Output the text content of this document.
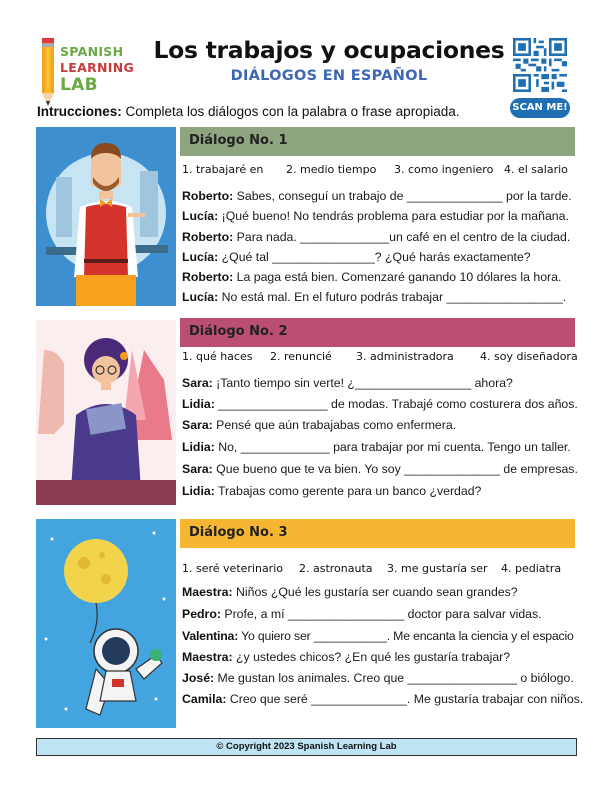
SPANISH
LEARNING
LAB
Los trabajos y ocupaciones
DIÁLOGOS EN ESPAÑOL
SCAN ME!
Intrucciones: Completa los diálogos con la palabra o frase apropiada.
Diálogo No. 1
1. trabajaré en 2. medio tiempo 3. como ingeniero 4. el salario
Roberto: Sabes, conseguí un trabajo de ______________ por la tarde.
Lucía: ¡Qué bueno! No tendrás problema para estudiar por la mañana.
Roberto: Para nada. _____________un café en el centro de la ciudad.
Lucía: ¿Qué tal _______________? ¿Qué harás exactamente?
Roberto: La paga está bien. Comenzaré ganando 10 dólares la hora.
Lucía: No está mal. En el futuro podrás trabajar _________________.
Diálogo No. 2
1. qué haces 2. renuncié 3. administradora 4. soy diseñadora
Sara: ¡Tanto tiempo sin verte! ¿_________________ ahora?
Lidia: ________________ de modas. Trabajé como costurera dos años.
Sara: Pensé que aún trabajabas como enfermera.
Lidia: No, _____________ para trabajar por mi cuenta. Tengo un taller.
Sara: Que bueno que te va bien. Yo soy ______________ de empresas.
Lidia: Trabajas como gerente para un banco ¿verdad?
Diálogo No. 3
1. seré veterinario 2. astronauta 3. me gustaría ser 4. pediatra
Maestra: Niños ¿Qué les gustaría ser cuando sean grandes?
Pedro: Profe, a mí _________________ doctor para salvar vidas.
Valentina: Yo quiero ser ___________. Me encanta la ciencia y el espacio
Maestra: ¿y ustedes chicos? ¿En qué les gustaría trabajar?
José: Me gustan los animales. Creo que ________________ o biólogo.
Camila: Creo que seré ______________. Me gustaría trabajar con niños.
© Copyright 2023 Spanish Learning Lab
